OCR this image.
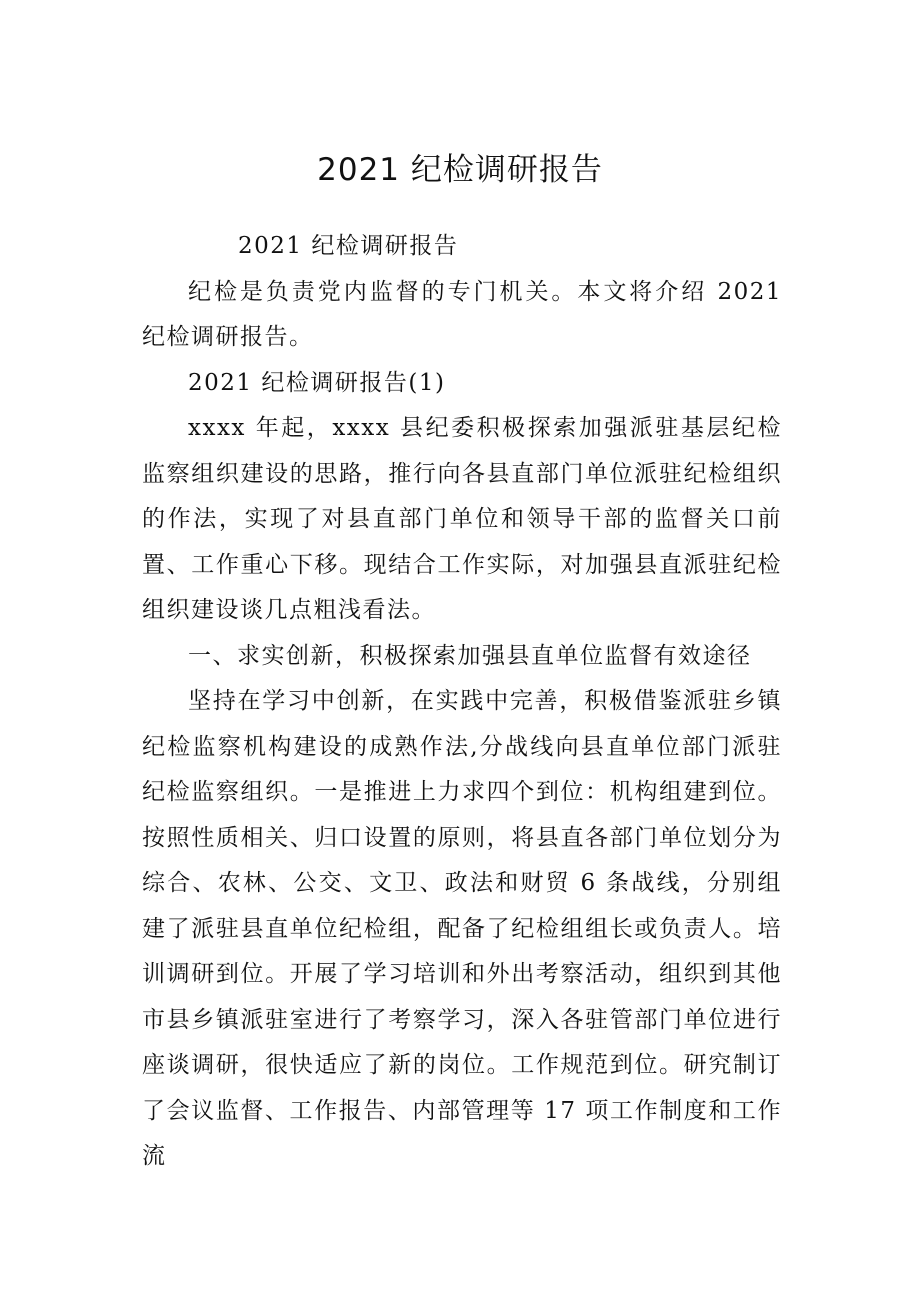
2021 纪检调研报告

2021 纪检调研报告

纪检是负责党内监督的专门机关。本文将介绍 2021 纪检调研报告。

2021 纪检调研报告(1)

xxxx 年起，xxxx 县纪委积极探索加强派驻基层纪检监察组织建设的思路，推行向各县直部门单位派驻纪检组织的作法，实现了对县直部门单位和领导干部的监督关口前置、工作重心下移。现结合工作实际，对加强县直派驻纪检组织建设谈几点粗浅看法。

一、求实创新，积极探索加强县直单位监督有效途径

坚持在学习中创新，在实践中完善，积极借鉴派驻乡镇纪检监察机构建设的成熟作法,分战线向县直单位部门派驻纪检监察组织。一是推进上力求四个到位：机构组建到位。按照性质相关、归口设置的原则，将县直各部门单位划分为综合、农林、公交、文卫、政法和财贸 6 条战线，分别组建了派驻县直单位纪检组，配备了纪检组组长或负责人。培训调研到位。开展了学习培训和外出考察活动，组织到其他市县乡镇派驻室进行了考察学习，深入各驻管部门单位进行座谈调研，很快适应了新的岗位。工作规范到位。研究制订了会议监督、工作报告、内部管理等 17 项工作制度和工作流
